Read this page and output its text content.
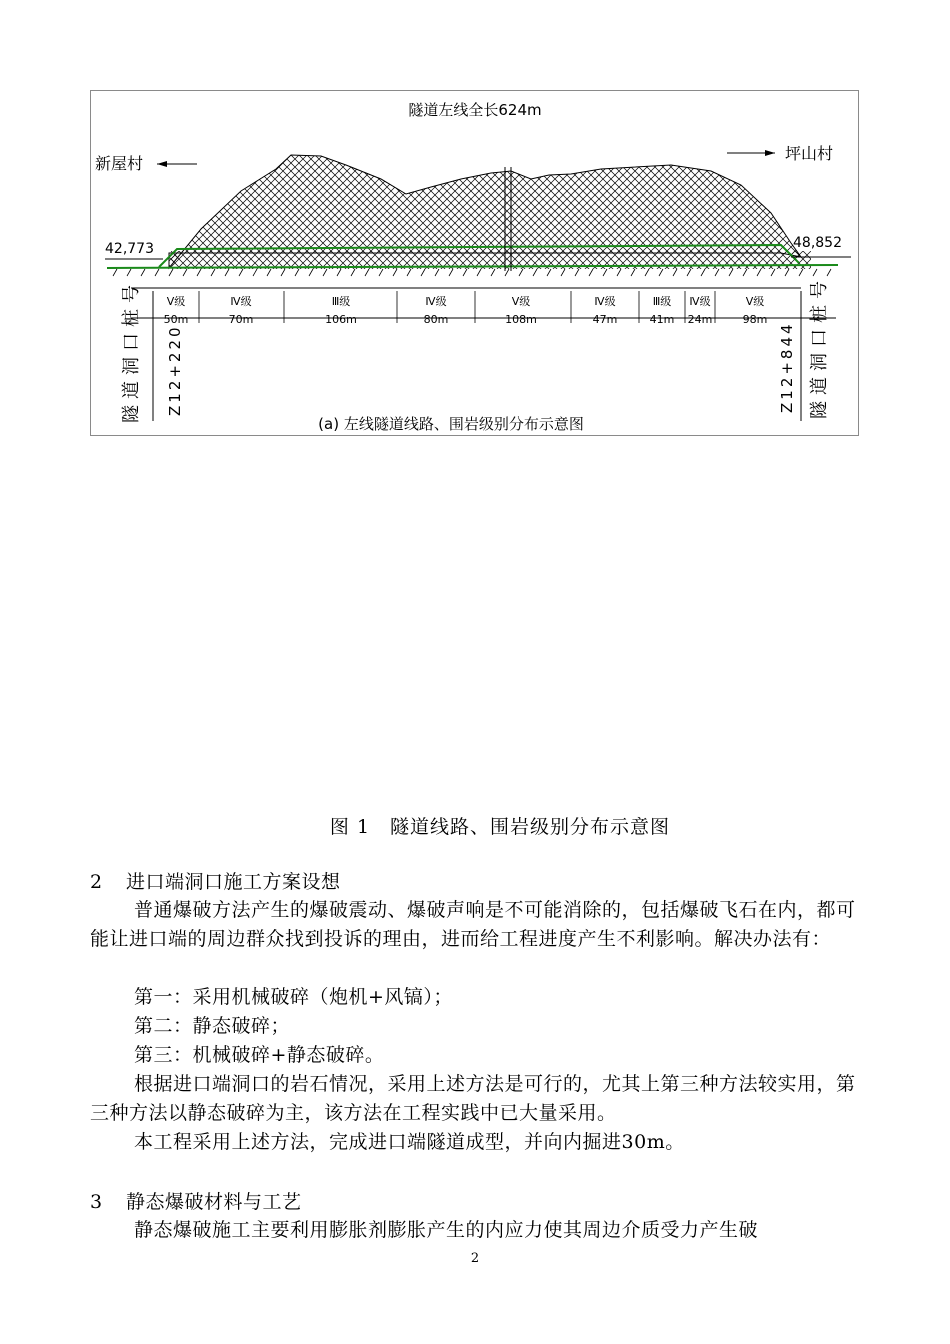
隧道左线全长624m
新屋村
坪山村
42,773	48,852
Ⅴ级
50m
Ⅳ级
70m
Ⅲ级
106m
Ⅳ级
80m
Ⅴ级
108m
Ⅳ级
47m
Ⅲ级
41m
Ⅳ级
24m
Ⅴ级
98m
隧道洞口桩号 Z12+220	Z12+844 隧道洞口桩号
(a) 左线隧道线路、围岩级别分布示意图
图 1　隧道线路、围岩级别分布示意图

2 进口端洞口施工方案设想

普通爆破方法产生的爆破震动、爆破声响是不可能消除的，包括爆破飞石在内，都可能让进口端的周边群众找到投诉的理由，进而给工程进度产生不利影响。解决办法有：

第一：采用机械破碎（炮机+风镐）；

第二：静态破碎；

第三：机械破碎+静态破碎。

根据进口端洞口的岩石情况，采用上述方法是可行的，尤其上第三种方法较实用，第三种方法以静态破碎为主，该方法在工程实践中已大量采用。

本工程采用上述方法，完成进口端隧道成型，并向内掘进30m。

3 静态爆破材料与工艺

静态爆破施工主要利用膨胀剂膨胀产生的内应力使其周边介质受力产生破

2
